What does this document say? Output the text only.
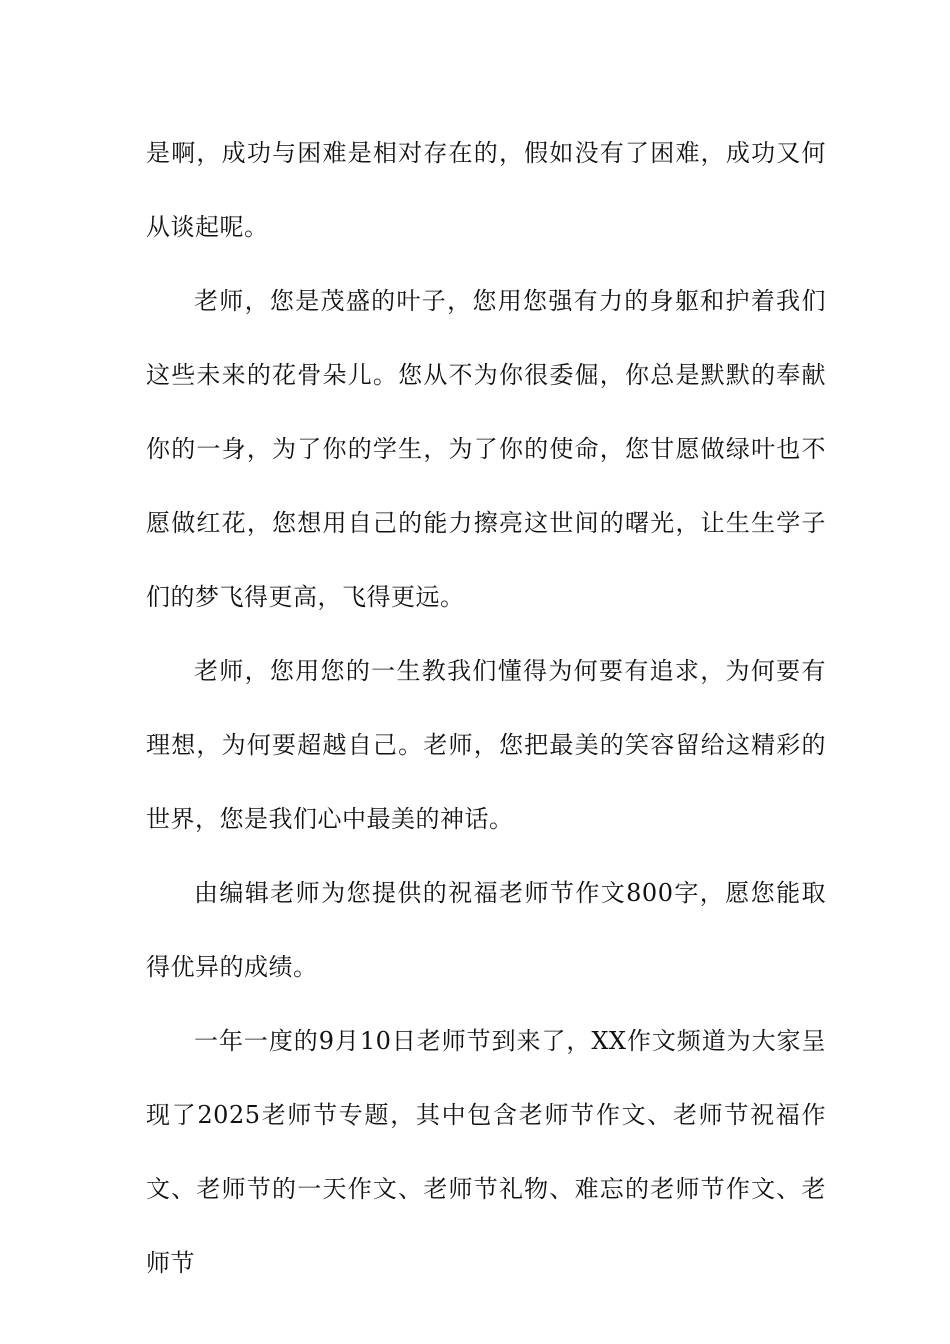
是啊，成功与困难是相对存在的，假如没有了困难，成功又何从谈起呢。

老师，您是茂盛的叶子，您用您强有力的身躯和护着我们这些未来的花骨朵儿。您从不为你很委倔，你总是默默的奉献你的一身，为了你的学生，为了你的使命，您甘愿做绿叶也不愿做红花，您想用自己的能力擦亮这世间的曙光，让生生学子们的梦飞得更高，飞得更远。

老师，您用您的一生教我们懂得为何要有追求，为何要有理想，为何要超越自己。老师，您把最美的笑容留给这精彩的世界，您是我们心中最美的神话。

由编辑老师为您提供的祝福老师节作文800字，愿您能取得优异的成绩。

一年一度的9月10日老师节到来了，XX作文频道为大家呈现了2025老师节专题，其中包含老师节作文、老师节祝福作文、老师节的一天作文、老师节礼物、难忘的老师节作文、老师节
